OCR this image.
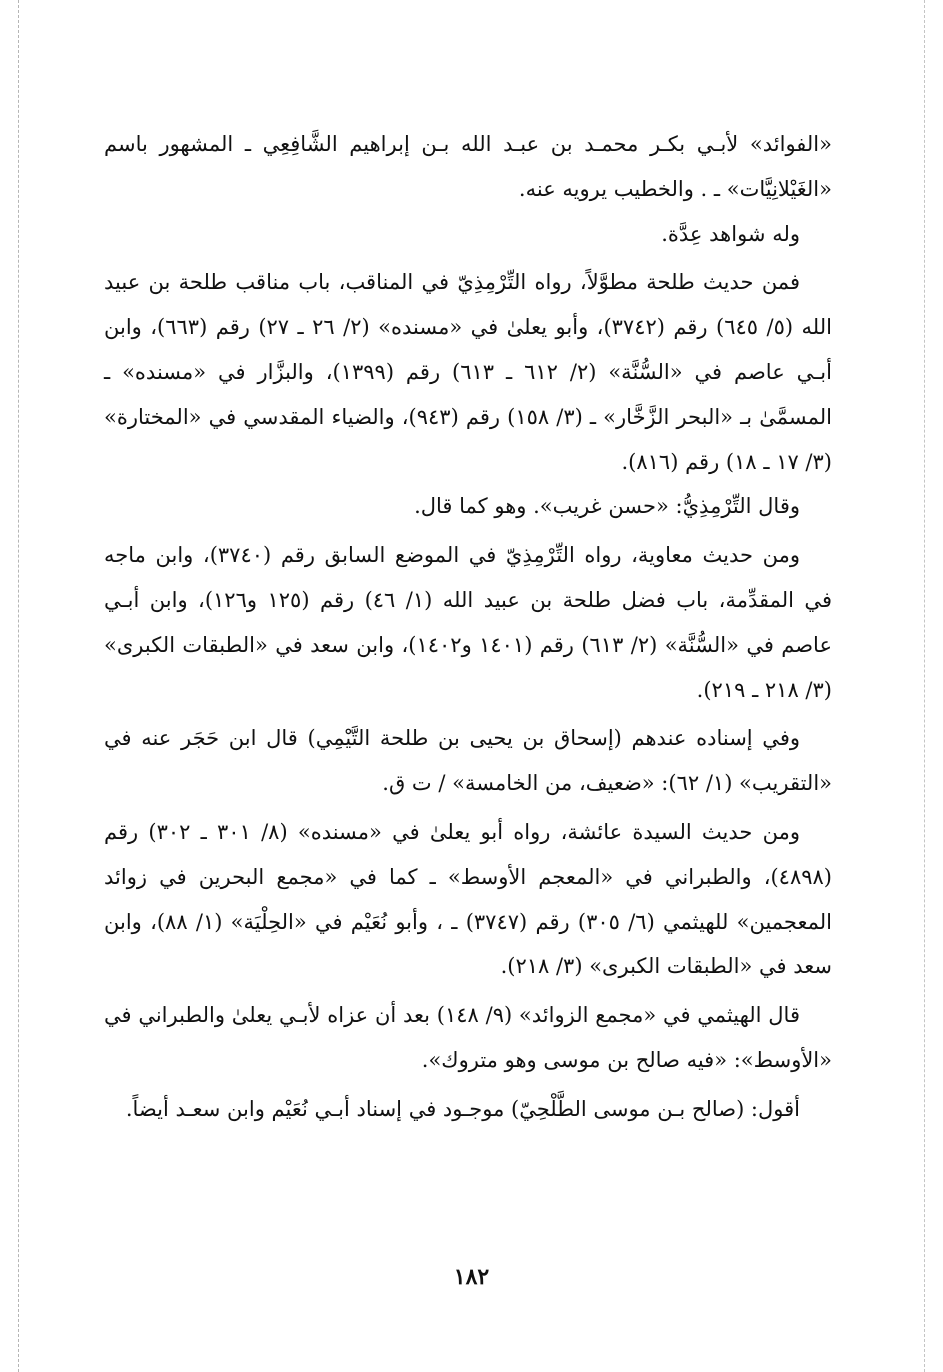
«الفوائد» لأبـي بكـر محمـد بن عبـد الله بـن إبراهيم الشَّافِعِي ـ المشهور باسم «الغَيْلانِيَّات» ـ . والخطيب يرويه عنه.

وله شواهد عِدَّة.

فمن حديث طلحة مطوَّلاً، رواه التِّرْمِذِيّ في المناقب، باب مناقب طلحة بن عبيد الله (٥/ ٦٤٥) رقم (٣٧٤٢)، وأبو يعلىٰ في «مسنده» (٢/ ٢٦ ـ ٢٧) رقم (٦٦٣)، وابن أبـي عاصم في «السُّنَّة» (٢/ ٦١٢ ـ ٦١٣) رقم (١٣٩٩)، والبزَّار في «مسنده» ـ المسمَّىٰ بـ «البحر الزَّخَّار» ـ (٣/ ١٥٨) رقم (٩٤٣)، والضياء المقدسي في «المختارة» (٣/ ١٧ ـ ١٨) رقم (٨١٦).

وقال التِّرْمِذِيُّ: «حسن غريب». وهو كما قال.

ومن حديث معاوية، رواه التِّرْمِذِيّ في الموضع السابق رقم (٣٧٤٠)، وابن ماجه في المقدِّمة، باب فضل طلحة بن عبيد الله (١/ ٤٦) رقم (١٢٥ و١٢٦)، وابن أبـي عاصم في «السُّنَّة» (٢/ ٦١٣) رقم (١٤٠١ و١٤٠٢)، وابن سعد في «الطبقات الكبرى» (٣/ ٢١٨ ـ ٢١٩).

وفي إسناده عندهم (إسحاق بن يحيى بن طلحة التَّيْمِي) قال ابن حَجَر عنه في «التقريب» (١/ ٦٢): «ضعيف، من الخامسة» / ت ق.

ومن حديث السيدة عائشة، رواه أبو يعلىٰ في «مسنده» (٨/ ٣٠١ ـ ٣٠٢) رقم (٤٨٩٨)، والطبراني في «المعجم الأوسط» ـ كما في «مجمع البحرين في زوائد المعجمين» للهيثمي (٦/ ٣٠٥) رقم (٣٧٤٧) ـ ، وأبو نُعَيْم في «الحِلْيَة» (١/ ٨٨)، وابن سعد في «الطبقات الكبرى» (٣/ ٢١٨).

قال الهيثمي في «مجمع الزوائد» (٩/ ١٤٨) بعد أن عزاه لأبـي يعلىٰ والطبراني في «الأوسط»: «فيه صالح بن موسى وهو متروك».

أقول: (صالح بـن موسى الطَّلْحِيّ) موجـود في إسناد أبـي نُعَيْم وابن سعـد أيضاً.

١٨٢
